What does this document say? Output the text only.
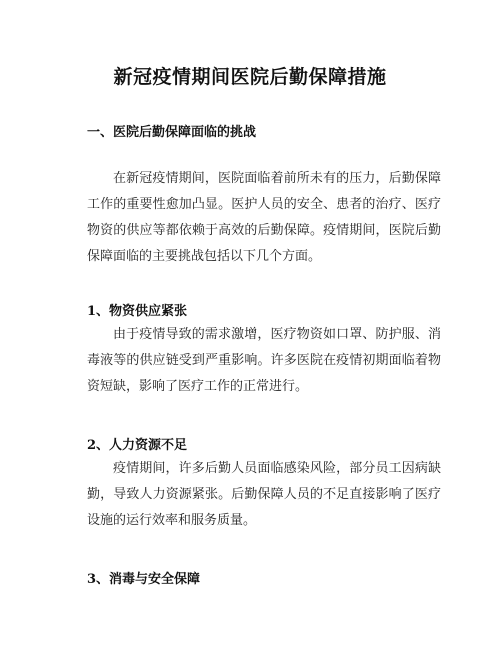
新冠疫情期间医院后勤保障措施
一、医院后勤保障面临的挑战
在新冠疫情期间，医院面临着前所未有的压力，后勤保障工作的重要性愈加凸显。医护人员的安全、患者的治疗、医疗物资的供应等都依赖于高效的后勤保障。疫情期间，医院后勤保障面临的主要挑战包括以下几个方面。
1、物资供应紧张
由于疫情导致的需求激增，医疗物资如口罩、防护服、消毒液等的供应链受到严重影响。许多医院在疫情初期面临着物资短缺，影响了医疗工作的正常进行。
2、人力资源不足
疫情期间，许多后勤人员面临感染风险，部分员工因病缺勤，导致人力资源紧张。后勤保障人员的不足直接影响了医疗设施的运行效率和服务质量。
3、消毒与安全保障
